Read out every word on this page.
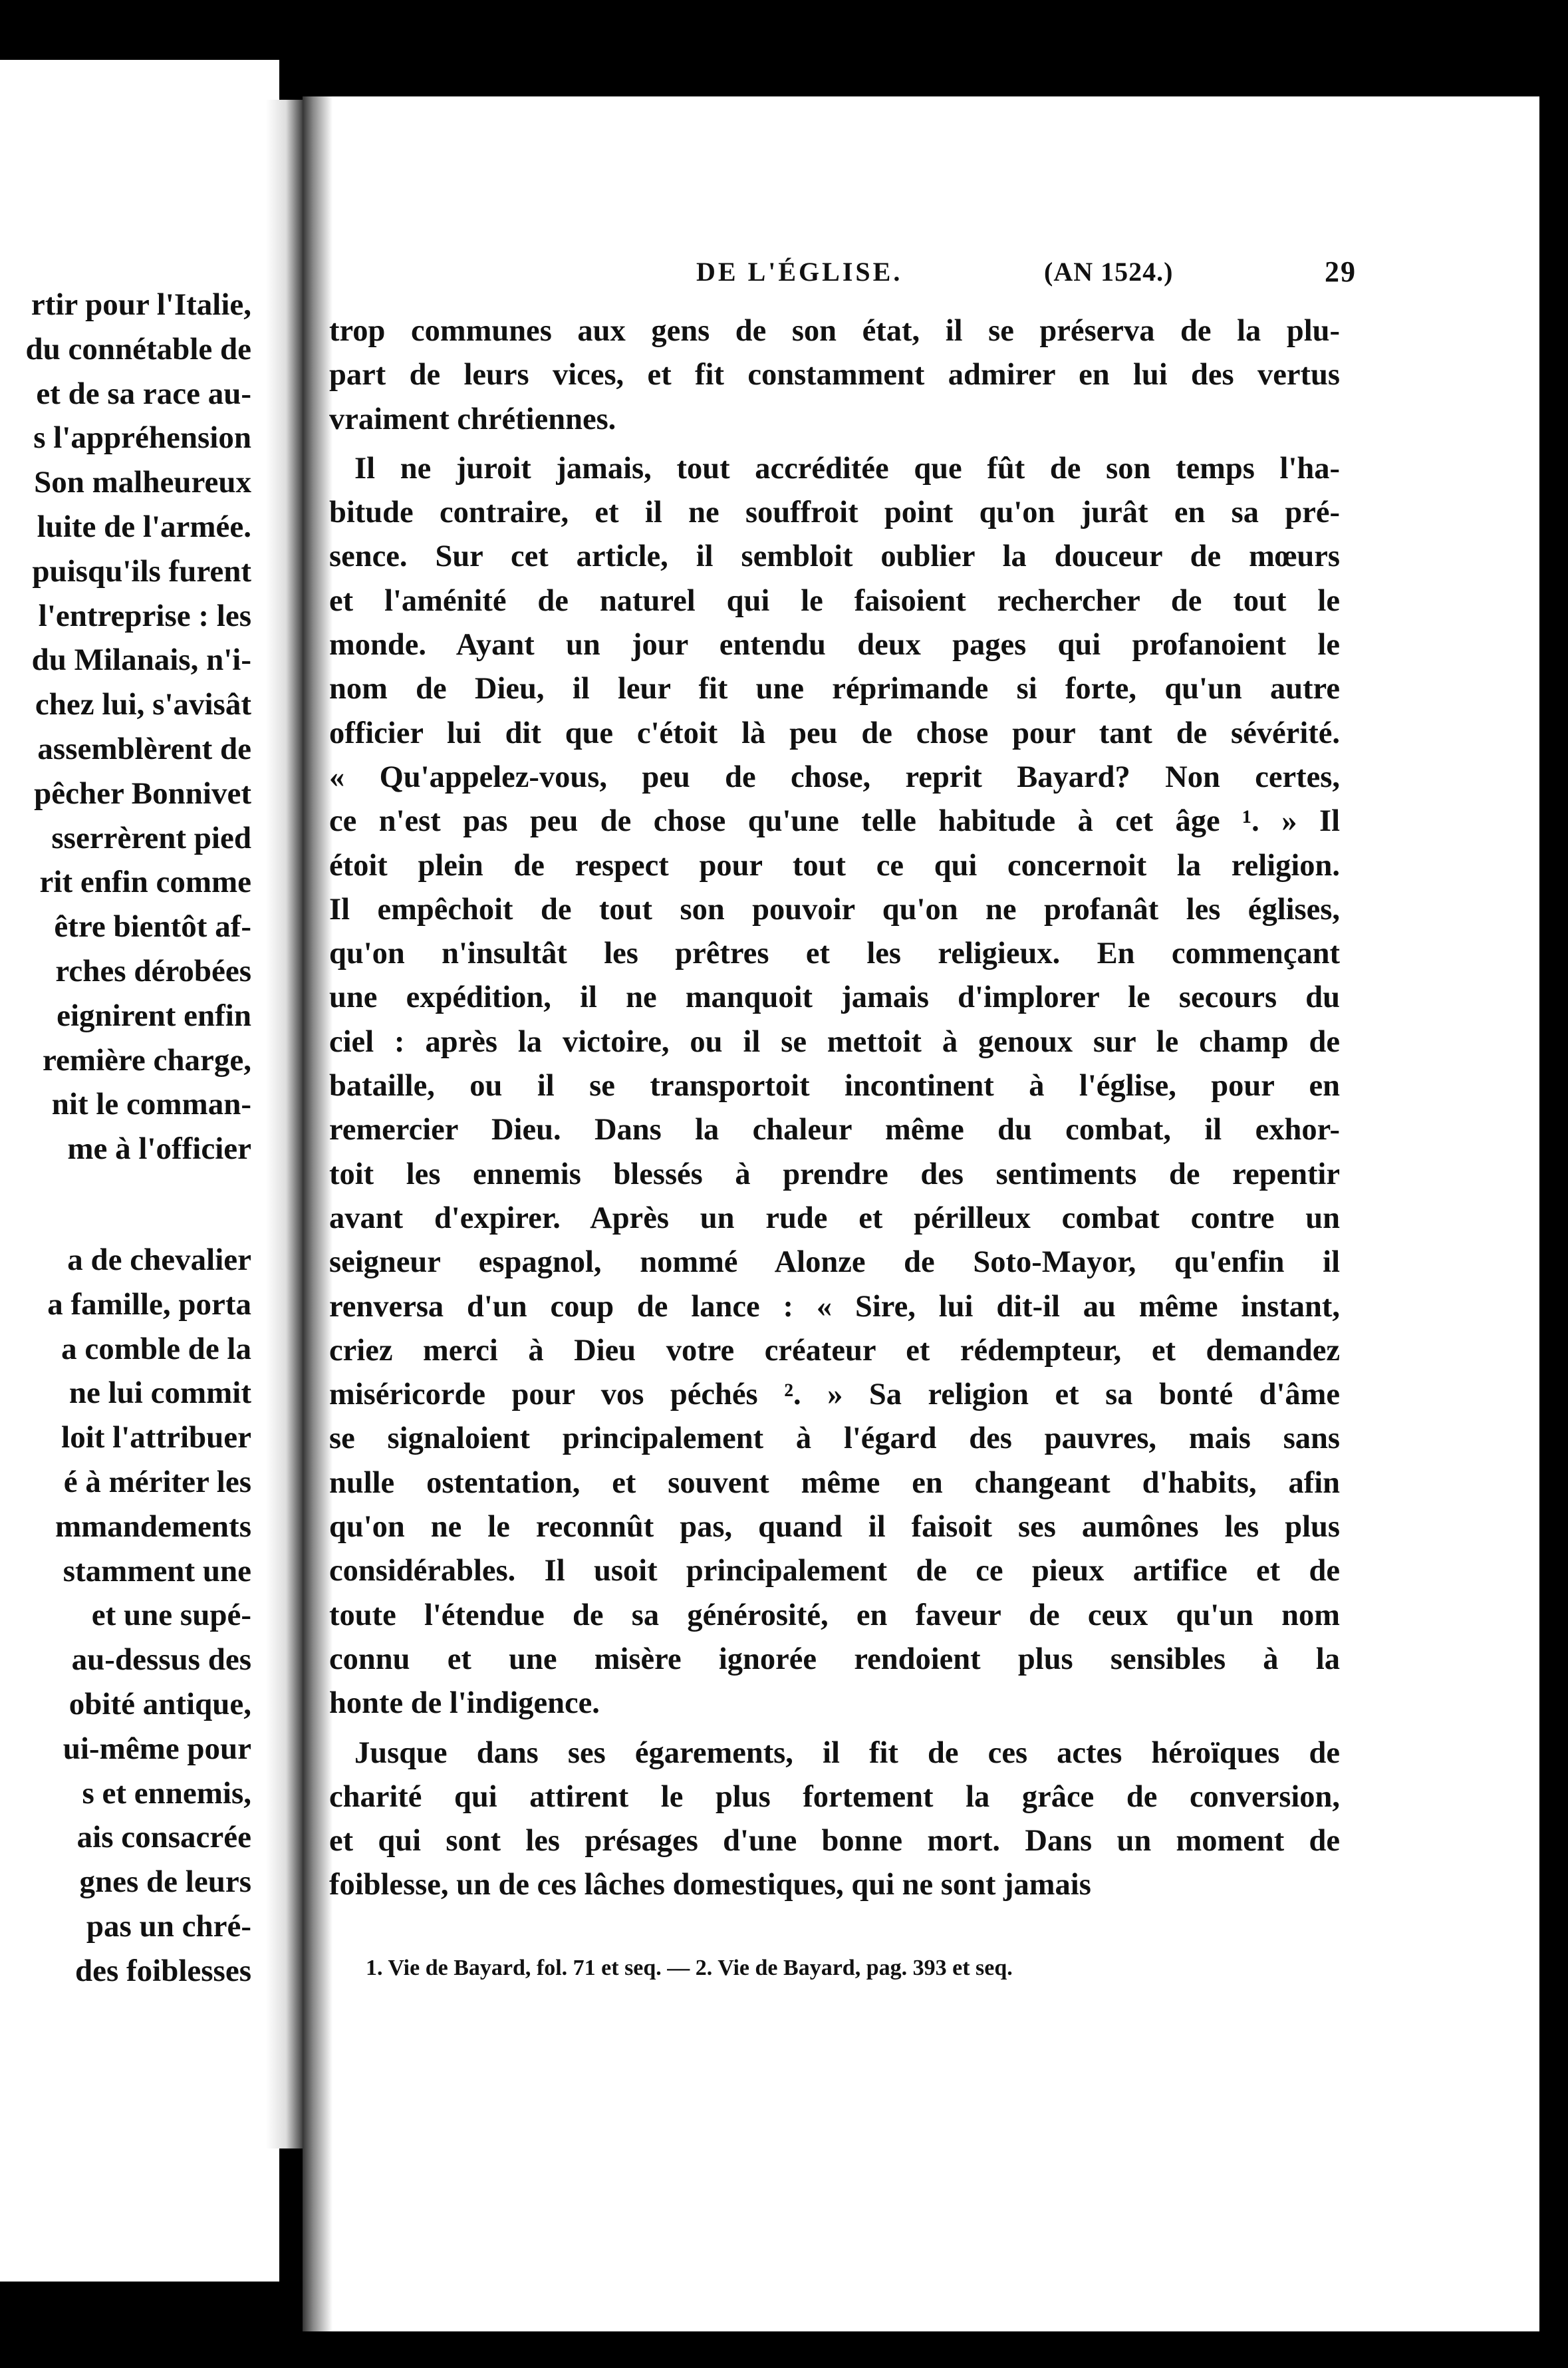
rtir pour l'Italie,
du connétable de
et de sa race au-
s l'appréhension
Son malheureux
luite de l'armée.
puisqu'ils furent
l'entreprise : les
du Milanais, n'i-
chez lui, s'avisât
assemblèrent de
pêcher Bonnivet
sserrèrent pied
rit enfin comme
être bientôt af-
rches dérobées
eignirent enfin
remière charge,
nit le comman-
me à l'officier
a de chevalier
a famille, porta
a comble de la
ne lui commit
loit l'attribuer
é à mériter les
mmandements
stamment une
et une supé-
au-dessus des
obité antique,
ui-même pour
s et ennemis,
ais consacrée
gnes de leurs
pas un chré-
des foiblesses
DE L'ÉGLISE.	(AN 1524.)	29

trop communes aux gens de son état, il se préserva de la plu-
part de leurs vices, et fit constamment admirer en lui des vertus
vraiment chrétiennes.

Il ne juroit jamais, tout accréditée que fût de son temps l'ha-
bitude contraire, et il ne souffroit point qu'on jurât en sa pré-
sence. Sur cet article, il sembloit oublier la douceur de mœurs
et l'aménité de naturel qui le faisoient rechercher de tout le
monde. Ayant un jour entendu deux pages qui profanoient le
nom de Dieu, il leur fit une réprimande si forte, qu'un autre
officier lui dit que c'étoit là peu de chose pour tant de sévérité.
« Qu'appelez-vous, peu de chose, reprit Bayard? Non certes,
ce n'est pas peu de chose qu'une telle habitude à cet âge ¹. » Il
étoit plein de respect pour tout ce qui concernoit la religion.
Il empêchoit de tout son pouvoir qu'on ne profanât les églises,
qu'on n'insultât les prêtres et les religieux. En commençant
une expédition, il ne manquoit jamais d'implorer le secours du
ciel : après la victoire, ou il se mettoit à genoux sur le champ de
bataille, ou il se transportoit incontinent à l'église, pour en
remercier Dieu. Dans la chaleur même du combat, il exhor-
toit les ennemis blessés à prendre des sentiments de repentir
avant d'expirer. Après un rude et périlleux combat contre un
seigneur espagnol, nommé Alonze de Soto-Mayor, qu'enfin il
renversa d'un coup de lance : « Sire, lui dit-il au même instant,
criez merci à Dieu votre créateur et rédempteur, et demandez
miséricorde pour vos péchés ². » Sa religion et sa bonté d'âme
se signaloient principalement à l'égard des pauvres, mais sans
nulle ostentation, et souvent même en changeant d'habits, afin
qu'on ne le reconnût pas, quand il faisoit ses aumônes les plus
considérables. Il usoit principalement de ce pieux artifice et de
toute l'étendue de sa générosité, en faveur de ceux qu'un nom
connu et une misère ignorée rendoient plus sensibles à la
honte de l'indigence.

Jusque dans ses égarements, il fit de ces actes héroïques de
charité qui attirent le plus fortement la grâce de conversion,
et qui sont les présages d'une bonne mort. Dans un moment de
foiblesse, un de ces lâches domestiques, qui ne sont jamais

1. Vie de Bayard, fol. 71 et seq. — 2. Vie de Bayard, pag. 393 et seq.
